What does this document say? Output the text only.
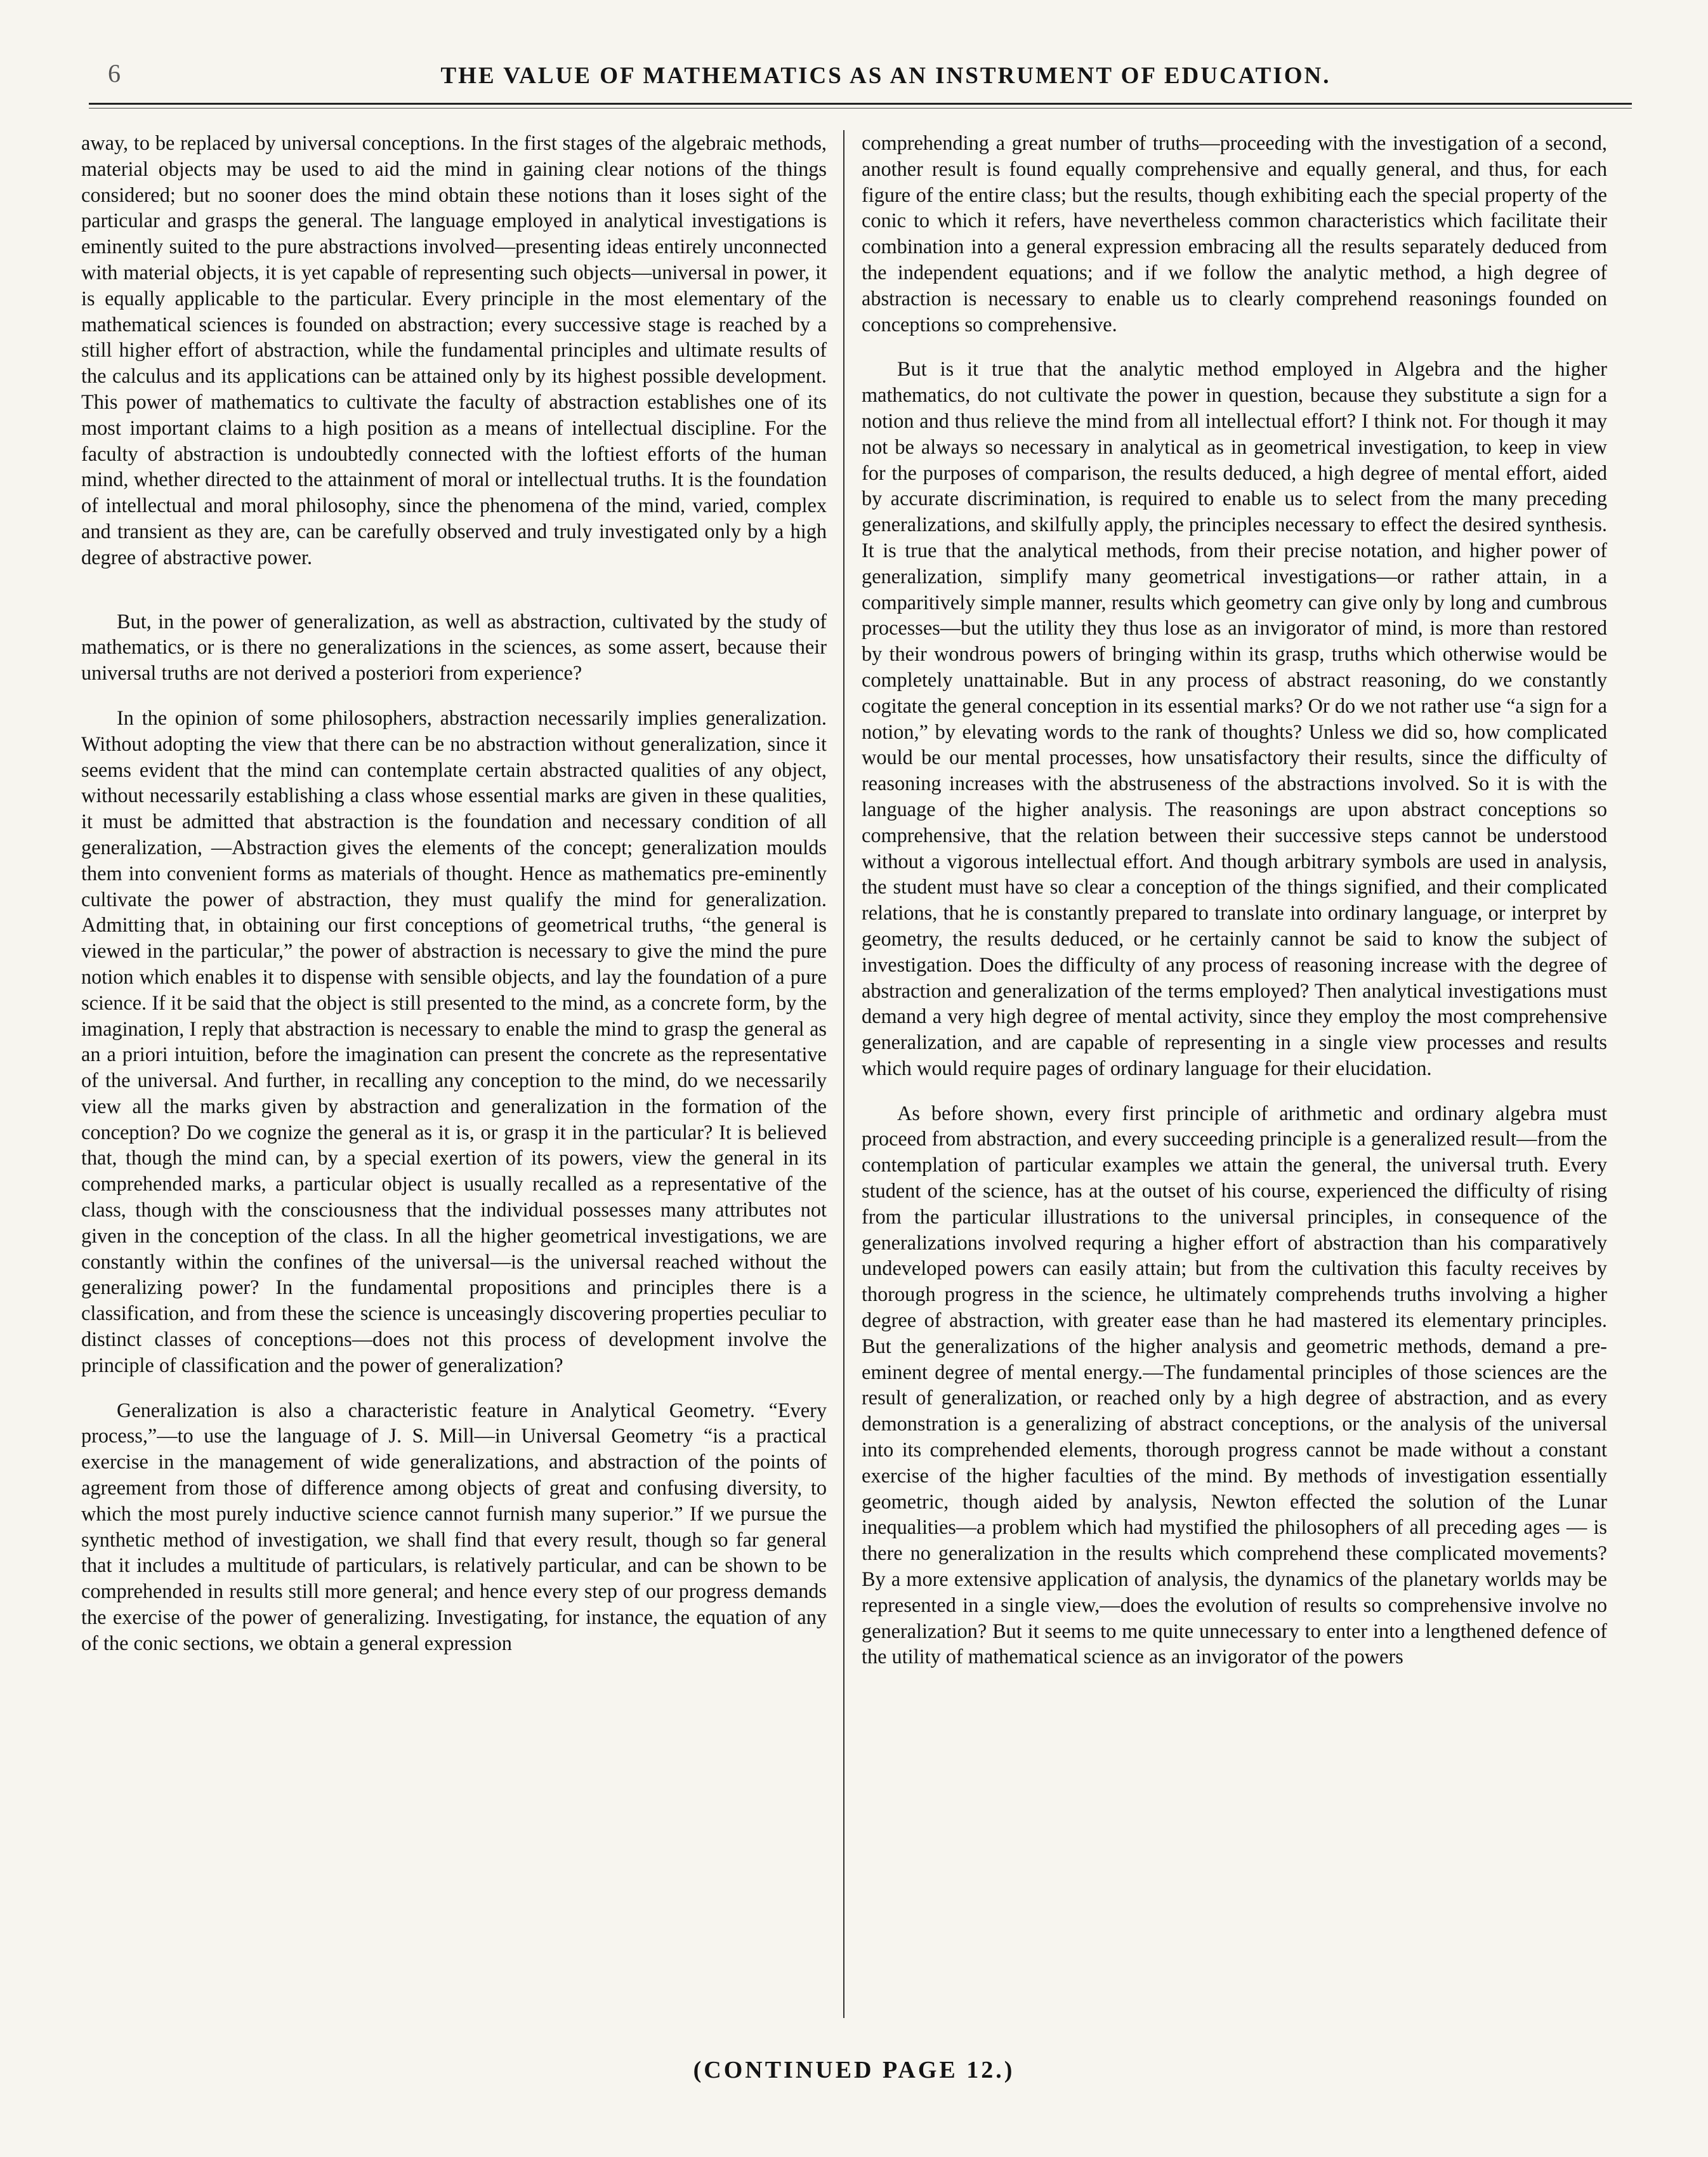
6	THE VALUE OF MATHEMATICS AS AN INSTRUMENT OF EDUCATION.

away, to be replaced by universal conceptions. In the first stages of the algebraic methods, material objects may be used to aid the mind in gaining clear notions of the things considered; but no sooner does the mind obtain these notions than it loses sight of the particular and grasps the general. The language employed in analytical investigations is eminently suited to the pure abstractions involved—presenting ideas entirely unconnected with material objects, it is yet capable of representing such objects—universal in power, it is equally applicable to the particular. Every principle in the most elementary of the mathematical sciences is founded on abstraction; every successive stage is reached by a still higher effort of abstraction, while the fundamental principles and ultimate results of the calculus and its applications can be attained only by its highest possible development. This power of mathematics to cultivate the faculty of abstraction establishes one of its most important claims to a high position as a means of intellectual discipline. For the faculty of abstraction is undoubtedly connected with the loftiest efforts of the human mind, whether directed to the attainment of moral or intellectual truths. It is the foundation of intellectual and moral philosophy, since the phenomena of the mind, varied, complex and transient as they are, can be carefully observed and truly investigated only by a high degree of abstractive power.

But, in the power of generalization, as well as abstraction, cultivated by the study of mathematics, or is there no generalizations in the sciences, as some assert, because their universal truths are not derived a posteriori from experience?

In the opinion of some philosophers, abstraction necessarily implies generalization. Without adopting the view that there can be no abstraction without generalization, since it seems evident that the mind can contemplate certain abstracted qualities of any object, without necessarily establishing a class whose essential marks are given in these qualities, it must be admitted that abstraction is the foundation and necessary condition of all generalization, —Abstraction gives the elements of the concept; generalization moulds them into convenient forms as materials of thought. Hence as mathematics pre-eminently cultivate the power of abstraction, they must qualify the mind for generalization. Admitting that, in obtaining our first conceptions of geometrical truths, “the general is viewed in the particular,” the power of abstraction is necessary to give the mind the pure notion which enables it to dispense with sensible objects, and lay the foundation of a pure science. If it be said that the object is still presented to the mind, as a concrete form, by the imagination, I reply that abstraction is necessary to enable the mind to grasp the general as an a priori intuition, before the imagination can present the concrete as the representative of the universal. And further, in recalling any conception to the mind, do we necessarily view all the marks given by abstraction and generalization in the formation of the conception? Do we cognize the general as it is, or grasp it in the particular? It is believed that, though the mind can, by a special exertion of its powers, view the general in its comprehended marks, a particular object is usually recalled as a representative of the class, though with the consciousness that the individual possesses many attributes not given in the conception of the class. In all the higher geometrical investigations, we are constantly within the confines of the universal—is the universal reached without the generalizing power? In the fundamental propositions and principles there is a classification, and from these the science is unceasingly discovering properties peculiar to distinct classes of conceptions—does not this process of development involve the principle of classification and the power of generalization?

Generalization is also a characteristic feature in Analytical Geometry. “Every process,”—to use the language of J. S. Mill—in Universal Geometry “is a practical exercise in the management of wide generalizations, and abstraction of the points of agreement from those of difference among objects of great and confusing diversity, to which the most purely inductive science cannot furnish many superior.” If we pursue the synthetic method of investigation, we shall find that every result, though so far general that it includes a multitude of particulars, is relatively particular, and can be shown to be comprehended in results still more general; and hence every step of our progress demands the exercise of the power of generalizing. Investigating, for instance, the equation of any of the conic sections, we obtain a general expression

comprehending a great number of truths—proceeding with the investigation of a second, another result is found equally comprehensive and equally general, and thus, for each figure of the entire class; but the results, though exhibiting each the special property of the conic to which it refers, have nevertheless common characteristics which facilitate their combination into a general expression embracing all the results separately deduced from the independent equations; and if we follow the analytic method, a high degree of abstraction is necessary to enable us to clearly comprehend reasonings founded on conceptions so comprehensive.

But is it true that the analytic method employed in Algebra and the higher mathematics, do not cultivate the power in question, because they substitute a sign for a notion and thus relieve the mind from all intellectual effort? I think not. For though it may not be always so necessary in analytical as in geometrical investigation, to keep in view for the purposes of comparison, the results deduced, a high degree of mental effort, aided by accurate discrimination, is required to enable us to select from the many preceding generalizations, and skilfully apply, the principles necessary to effect the desired synthesis. It is true that the analytical methods, from their precise notation, and higher power of generalization, simplify many geometrical investigations—or rather attain, in a comparitively simple manner, results which geometry can give only by long and cumbrous processes—but the utility they thus lose as an invigorator of mind, is more than restored by their wondrous powers of bringing within its grasp, truths which otherwise would be completely unattainable. But in any process of abstract reasoning, do we constantly cogitate the general conception in its essential marks? Or do we not rather use “a sign for a notion,” by elevating words to the rank of thoughts? Unless we did so, how complicated would be our mental processes, how unsatisfactory their results, since the difficulty of reasoning increases with the abstruseness of the abstractions involved. So it is with the language of the higher analysis. The reasonings are upon abstract conceptions so comprehensive, that the relation between their successive steps cannot be understood without a vigorous intellectual effort. And though arbitrary symbols are used in analysis, the student must have so clear a conception of the things signified, and their complicated relations, that he is constantly prepared to translate into ordinary language, or interpret by geometry, the results deduced, or he certainly cannot be said to know the subject of investigation. Does the difficulty of any process of reasoning increase with the degree of abstraction and generalization of the terms employed? Then analytical investigations must demand a very high degree of mental activity, since they employ the most comprehensive generalization, and are capable of representing in a single view processes and results which would require pages of ordinary language for their elucidation.

As before shown, every first principle of arithmetic and ordinary algebra must proceed from abstraction, and every succeeding principle is a generalized result—from the contemplation of particular examples we attain the general, the universal truth. Every student of the science, has at the outset of his course, experienced the difficulty of rising from the particular illustrations to the universal principles, in consequence of the generalizations involved requring a higher effort of abstraction than his comparatively undeveloped powers can easily attain; but from the cultivation this faculty receives by thorough progress in the science, he ultimately comprehends truths involving a higher degree of abstraction, with greater ease than he had mastered its elementary principles. But the generalizations of the higher analysis and geometric methods, demand a pre-eminent degree of mental energy.—The fundamental principles of those sciences are the result of generalization, or reached only by a high degree of abstraction, and as every demonstration is a generalizing of abstract conceptions, or the analysis of the universal into its comprehended elements, thorough progress cannot be made without a constant exercise of the higher faculties of the mind. By methods of investigation essentially geometric, though aided by analysis, Newton effected the solution of the Lunar inequalities—a problem which had mystified the philosophers of all preceding ages — is there no generalization in the results which comprehend these complicated movements? By a more extensive application of analysis, the dynamics of the planetary worlds may be represented in a single view,—does the evolution of results so comprehensive involve no generalization? But it seems to me quite unnecessary to enter into a lengthened defence of the utility of mathematical science as an invigorator of the powers

(CONTINUED PAGE 12.)
